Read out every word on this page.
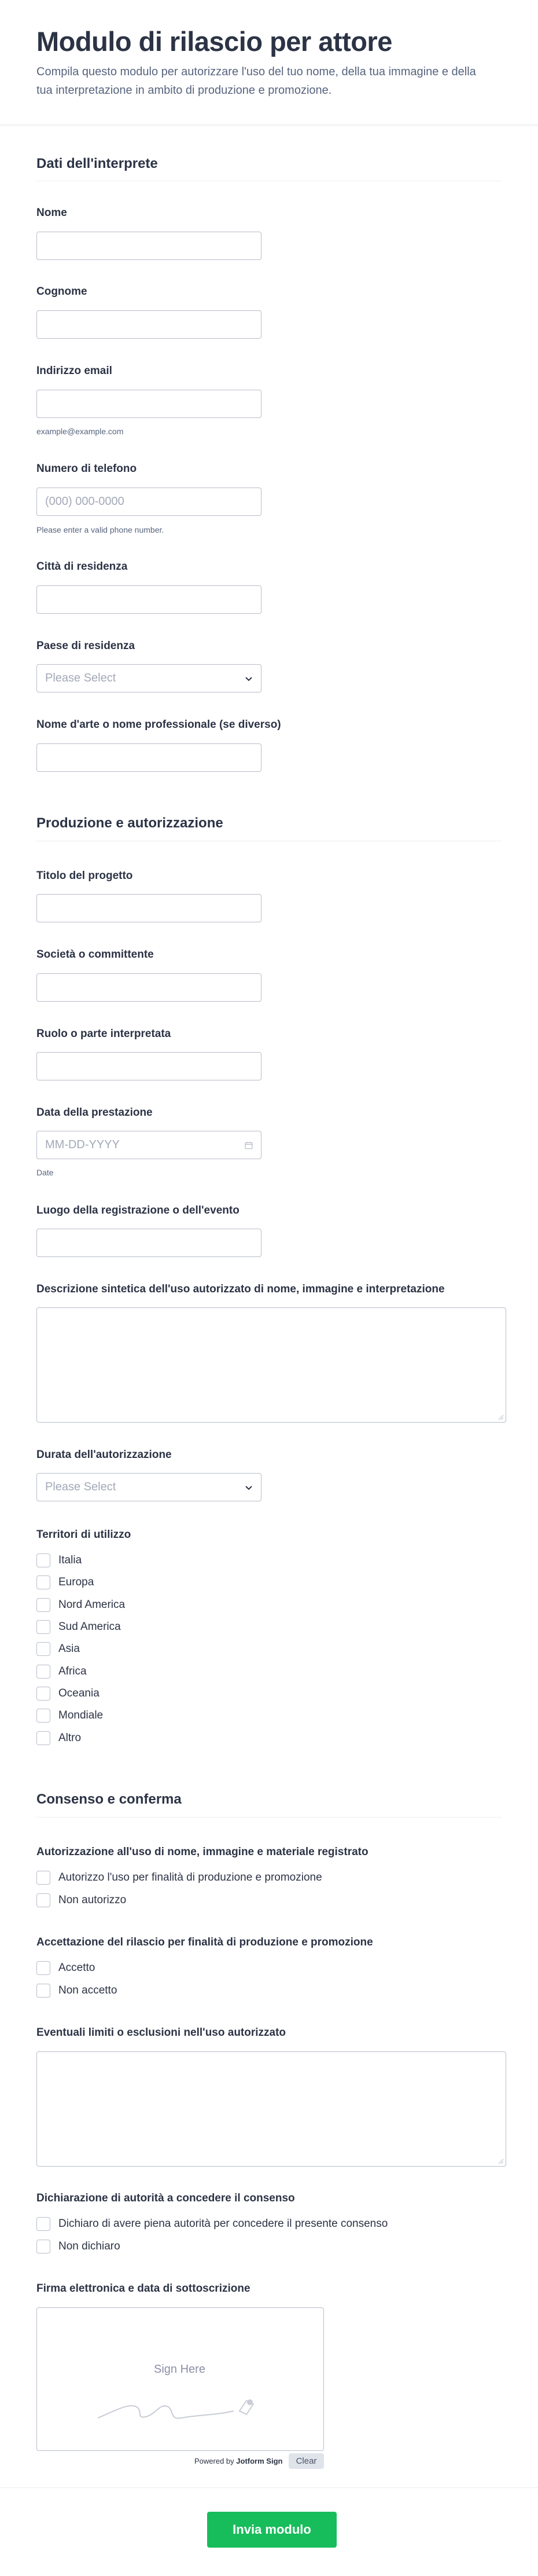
Modulo di rilascio per attore

Compila questo modulo per autorizzare l'uso del tuo nome, della tua immagine e della tua interpretazione in ambito di produzione e promozione.

Dati dell'interprete
Nome
Cognome
Indirizzo email
example@example.com
Numero di telefono
(000) 000-0000
Please enter a valid phone number.
Città di residenza
Paese di residenza
Please Select
Nome d'arte o nome professionale (se diverso)
Produzione e autorizzazione
Titolo del progetto
Società o committente
Ruolo o parte interpretata
Data della prestazione
MM-DD-YYYY
Date
Luogo della registrazione o dell'evento
Descrizione sintetica dell'uso autorizzato di nome, immagine e interpretazione
Durata dell'autorizzazione
Please Select
Territori di utilizzo
Italia
Europa
Nord America
Sud America
Asia
Africa
Oceania
Mondiale
Altro
Consenso e conferma
Autorizzazione all'uso di nome, immagine e materiale registrato
Autorizzo l'uso per finalità di produzione e promozione
Non autorizzo
Accettazione del rilascio per finalità di produzione e promozione
Accetto
Non accetto
Eventuali limiti o esclusioni nell'uso autorizzato
Dichiarazione di autorità a concedere il consenso
Dichiaro di avere piena autorità per concedere il presente consenso
Non dichiaro
Firma elettronica e data di sottoscrizione
Sign Here
Powered by
Jotform Sign	Clear
Invia modulo
